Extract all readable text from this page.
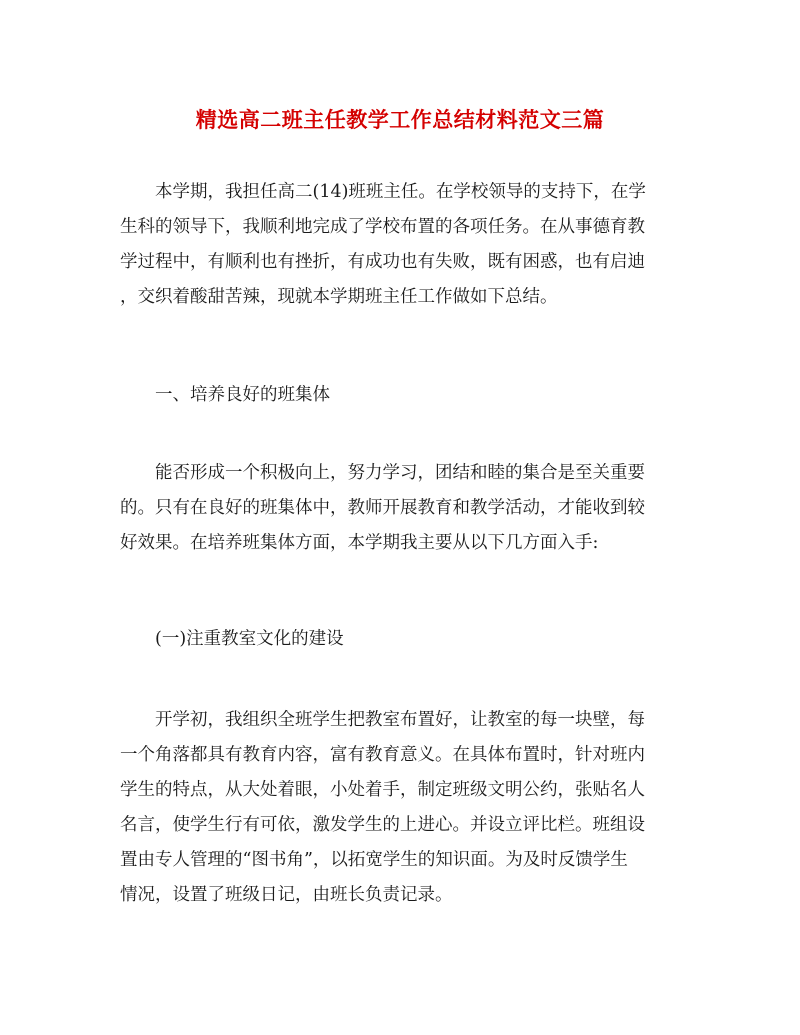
精选高二班主任教学工作总结材料范文三篇
本学期，我担任高二(14)班班主任。在学校领导的支持下，在学
生科的领导下，我顺利地完成了学校布置的各项任务。在从事德育教
学过程中，有顺利也有挫折，有成功也有失败，既有困惑，也有启迪
，交织着酸甜苦辣，现就本学期班主任工作做如下总结。
一、培养良好的班集体
能否形成一个积极向上，努力学习，团结和睦的集合是至关重要
的。只有在良好的班集体中，教师开展教育和教学活动，才能收到较
好效果。在培养班集体方面，本学期我主要从以下几方面入手:
(一)注重教室文化的建设
开学初，我组织全班学生把教室布置好，让教室的每一块壁，每
一个角落都具有教育内容，富有教育意义。在具体布置时，针对班内
学生的特点，从大处着眼，小处着手，制定班级文明公约，张贴名人
名言，使学生行有可依，激发学生的上进心。并设立评比栏。班组设
置由专人管理的“图书角”，以拓宽学生的知识面。为及时反馈学生
情况，设置了班级日记，由班长负责记录。
